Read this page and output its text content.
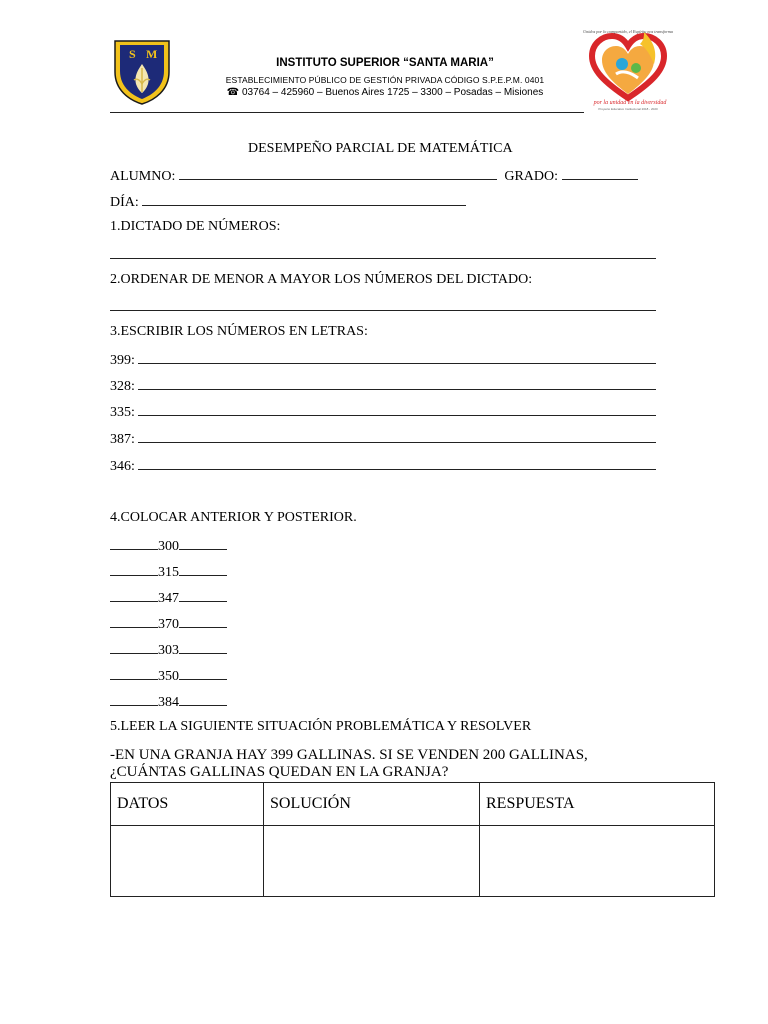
S M
INSTITUTO SUPERIOR “SANTA MARIA”
ESTABLECIMIENTO PÚBLICO DE GESTIÓN PRIVADA CÓDIGO S.P.E.P.M. 0401
☎ 03764 – 425960 – Buenos Aires 1725 – 3300 – Posadas – Misiones
Unidos por lo compartido, el Espíritu nos transforma
por la unidad en la diversidad
Proyecto Educativo Institucional 2018 - 2020
DESEMPEÑO PARCIAL DE MATEMÁTICA
ALUMNO:	GRADO:
DÍA:
1.DICTADO DE NÚMEROS:
2.ORDENAR DE MENOR A MAYOR LOS NÚMEROS DEL DICTADO:
3.ESCRIBIR LOS NÚMEROS EN LETRAS:
399:
328:
335:
387:
346:
4.COLOCAR ANTERIOR Y POSTERIOR.
300
315
347
370
303
350
384
5.LEER LA SIGUIENTE SITUACIÓN PROBLEMÁTICA Y RESOLVER
-EN UNA GRANJA HAY 399 GALLINAS. SI SE VENDEN 200 GALLINAS,
¿CUÁNTAS GALLINAS QUEDAN EN LA GRANJA?
DATOS	SOLUCIÓN	RESPUESTA
